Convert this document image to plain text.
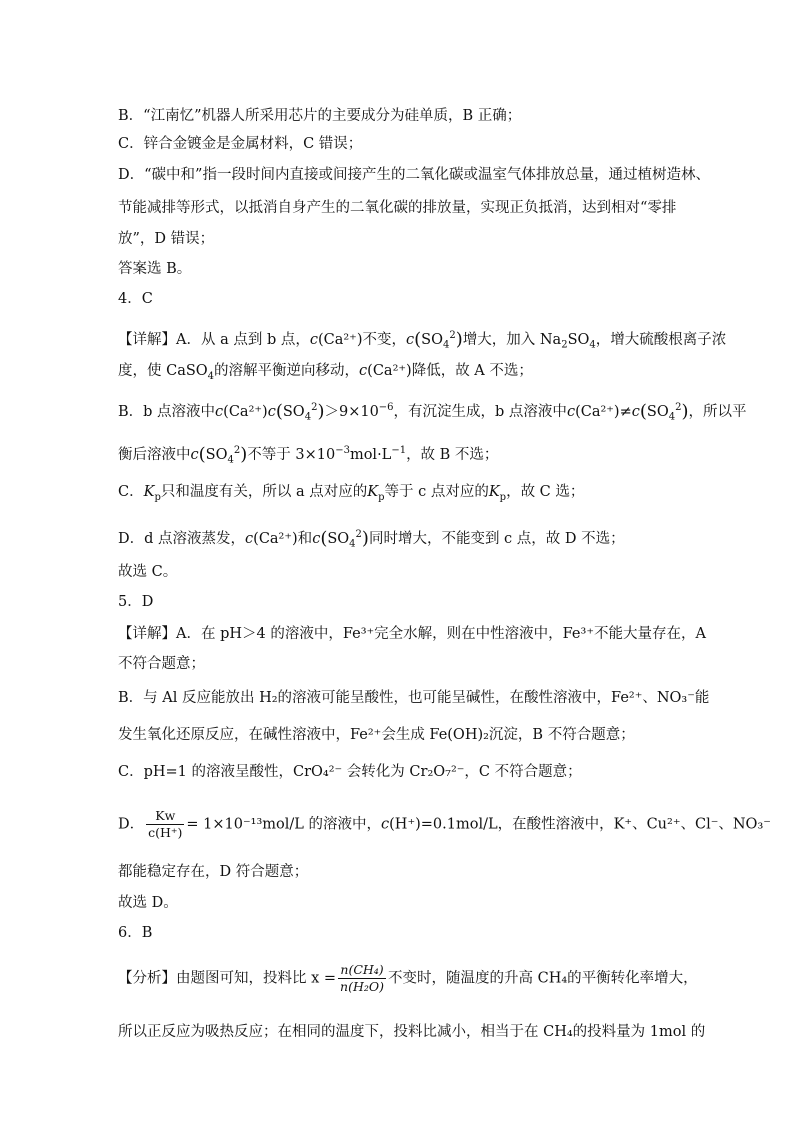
B．“江南忆”机器人所采用芯片的主要成分为硅单质，B 正确；
C．锌合金镀金是金属材料，C 错误；
D．“碳中和”指一段时间内直接或间接产生的二氧化碳或温室气体排放总量，通过植树造林、
节能减排等形式，以抵消自身产生的二氧化碳的排放量，实现正负抵消，达到相对“零排
放”，D 错误；
答案选 B。
4．C
【详解】A．从 a 点到 b 点，c(Ca²⁺)不变，$c(SO_4^2)$增大，加入 $Na_2SO_4$，增大硫酸根离子浓
度，使 CaSO$_4$的溶解平衡逆向移动，c(Ca²⁺)降低，故 A 不选；
B．b 点溶液中$c(Ca^{2+})c(SO_4^2)>9\times 10^{-6}$，有沉淀生成，b 点溶液中$c(Ca^{2+})\ne c(SO_4^2)$，所以平
衡后溶液中$c(SO_4^2)$不等于 $3\times 10^{-3}mol\cdot L^{-1}$，故 B 不选；
C．$K_p$只和温度有关，所以 a 点对应的$K_p$等于 c 点对应的$K_p$，故 C 选；
D．d 点溶液蒸发，c(Ca²⁺)和$c(SO_4^2)$同时增大，不能变到 c 点，故 D 不选；
故选 C。
5．D
【详解】A．在 pH＞4 的溶液中，Fe³⁺完全水解，则在中性溶液中，Fe³⁺不能大量存在，A
不符合题意；
B．与 Al 反应能放出 H₂的溶液可能呈酸性，也可能呈碱性，在酸性溶液中，Fe²⁺、NO₃⁻能
发生氧化还原反应，在碱性溶液中，Fe²⁺会生成 Fe(OH)₂沉淀，B 不符合题意；
C．pH=1 的溶液呈酸性，CrO₄²⁻ 会转化为 Cr₂O₇²⁻，C 不符合题意；
D． $\frac{Kw}{c(H^+)} = 1\times 10^{-13}mol/L$ 的溶液中，c(H⁺)=0.1mol/L，在酸性溶液中，K⁺、Cu²⁺、Cl⁻、NO₃⁻
都能稳定存在，D 符合题意；
故选 D。
6．B
【分析】由题图可知，投料比 $x = \frac{\text{n(CH₄)}}{\text{n(H₂O)}}$ 不变时，随温度的升高 CH₄的平衡转化率增大，
所以正反应为吸热反应；在相同的温度下，投料比减小，相当于在 CH₄的投料量为 1mol 的
